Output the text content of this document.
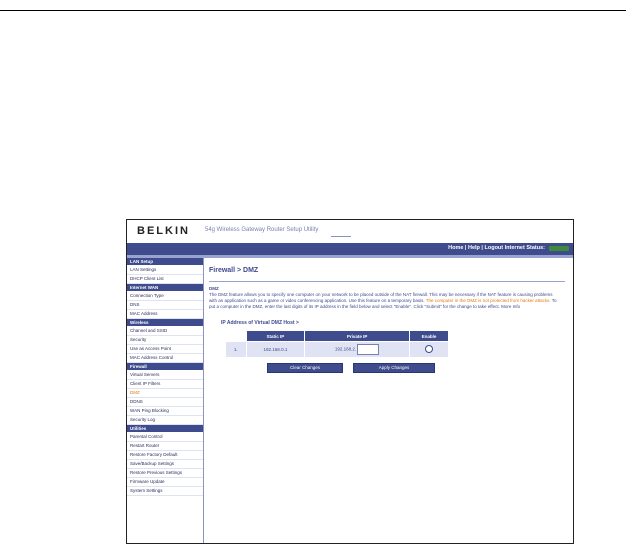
BELKIN	54g Wireless Gateway Router Setup Utility
Home | Help | Logout Internet Status:
LAN Setup
LAN Settings
DHCP Client List
Internet WAN
Connection Type
DNS
MAC Address
Wireless
Channel and SSID
Security
Use as Access Point
MAC Address Control
Firewall
Virtual Servers
Client IP Filters
DMZ
DDNS
WAN Ping Blocking
Security Log
Utilities
Parental Control
Restart Router
Restore Factory Default
Save/Backup Settings
Restore Previous Settings
Firmware Update
System Settings
Firewall > DMZ
DMZ
The DMZ feature allows you to specify one computer on your network to be placed outside of the NAT firewall. This may be necessary if the NAT feature is causing problems with an application such as a game or video conferencing application. Use this feature on a temporary basis. The computer in the DMZ is not protected from hacker attacks. To put a computer in the DMZ, enter the last digits of its IP address in the field below and select "Enable". Click "Submit" for the change to take effect. More Info
IP Address of Virtual DMZ Host >
	Static IP	Private IP	Enable
1.	192.168.0.1	192.168.2.	
Clear Changes	Apply Changes
